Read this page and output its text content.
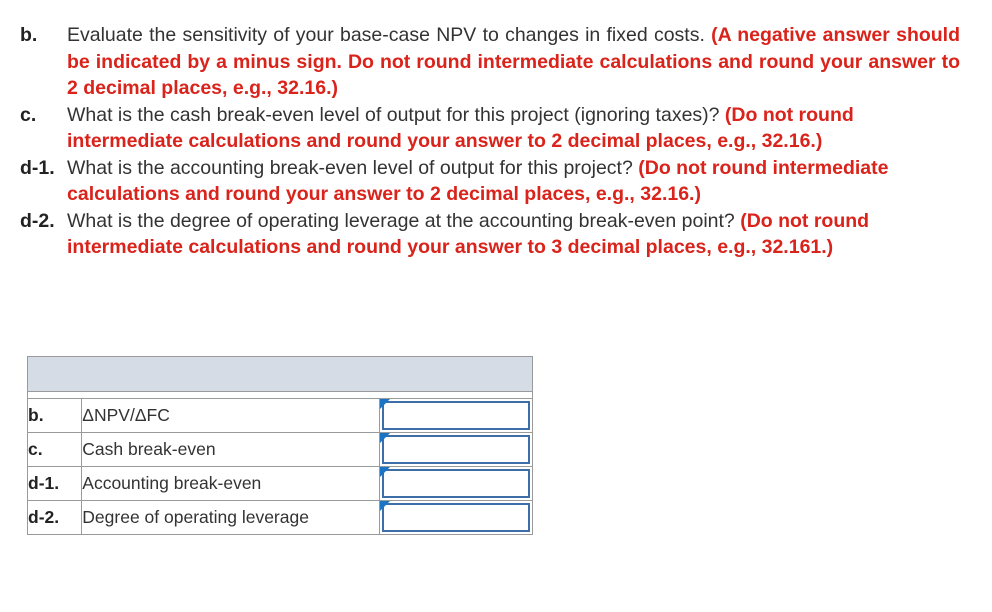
b.	Evaluate the sensitivity of your base-case NPV to changes in fixed costs. (A negative answer should be indicated by a minus sign. Do not round intermediate calculations and round your answer to 2 decimal places, e.g., 32.16.)
c.	What is the cash break-even level of output for this project (ignoring taxes)? (Do not round intermediate calculations and round your answer to 2 decimal places, e.g., 32.16.)
d-1. What is the accounting break-even level of output for this project? (Do not round intermediate calculations and round your answer to 2 decimal places, e.g., 32.16.)
d-2. What is the degree of operating leverage at the accounting break-even point? (Do not round intermediate calculations and round your answer to 3 decimal places, e.g., 32.161.)

b.	ΔNPV/ΔFC	

c.	Cash break-even	

d-1.	Accounting break-even	

d-2.	Degree of operating leverage	
